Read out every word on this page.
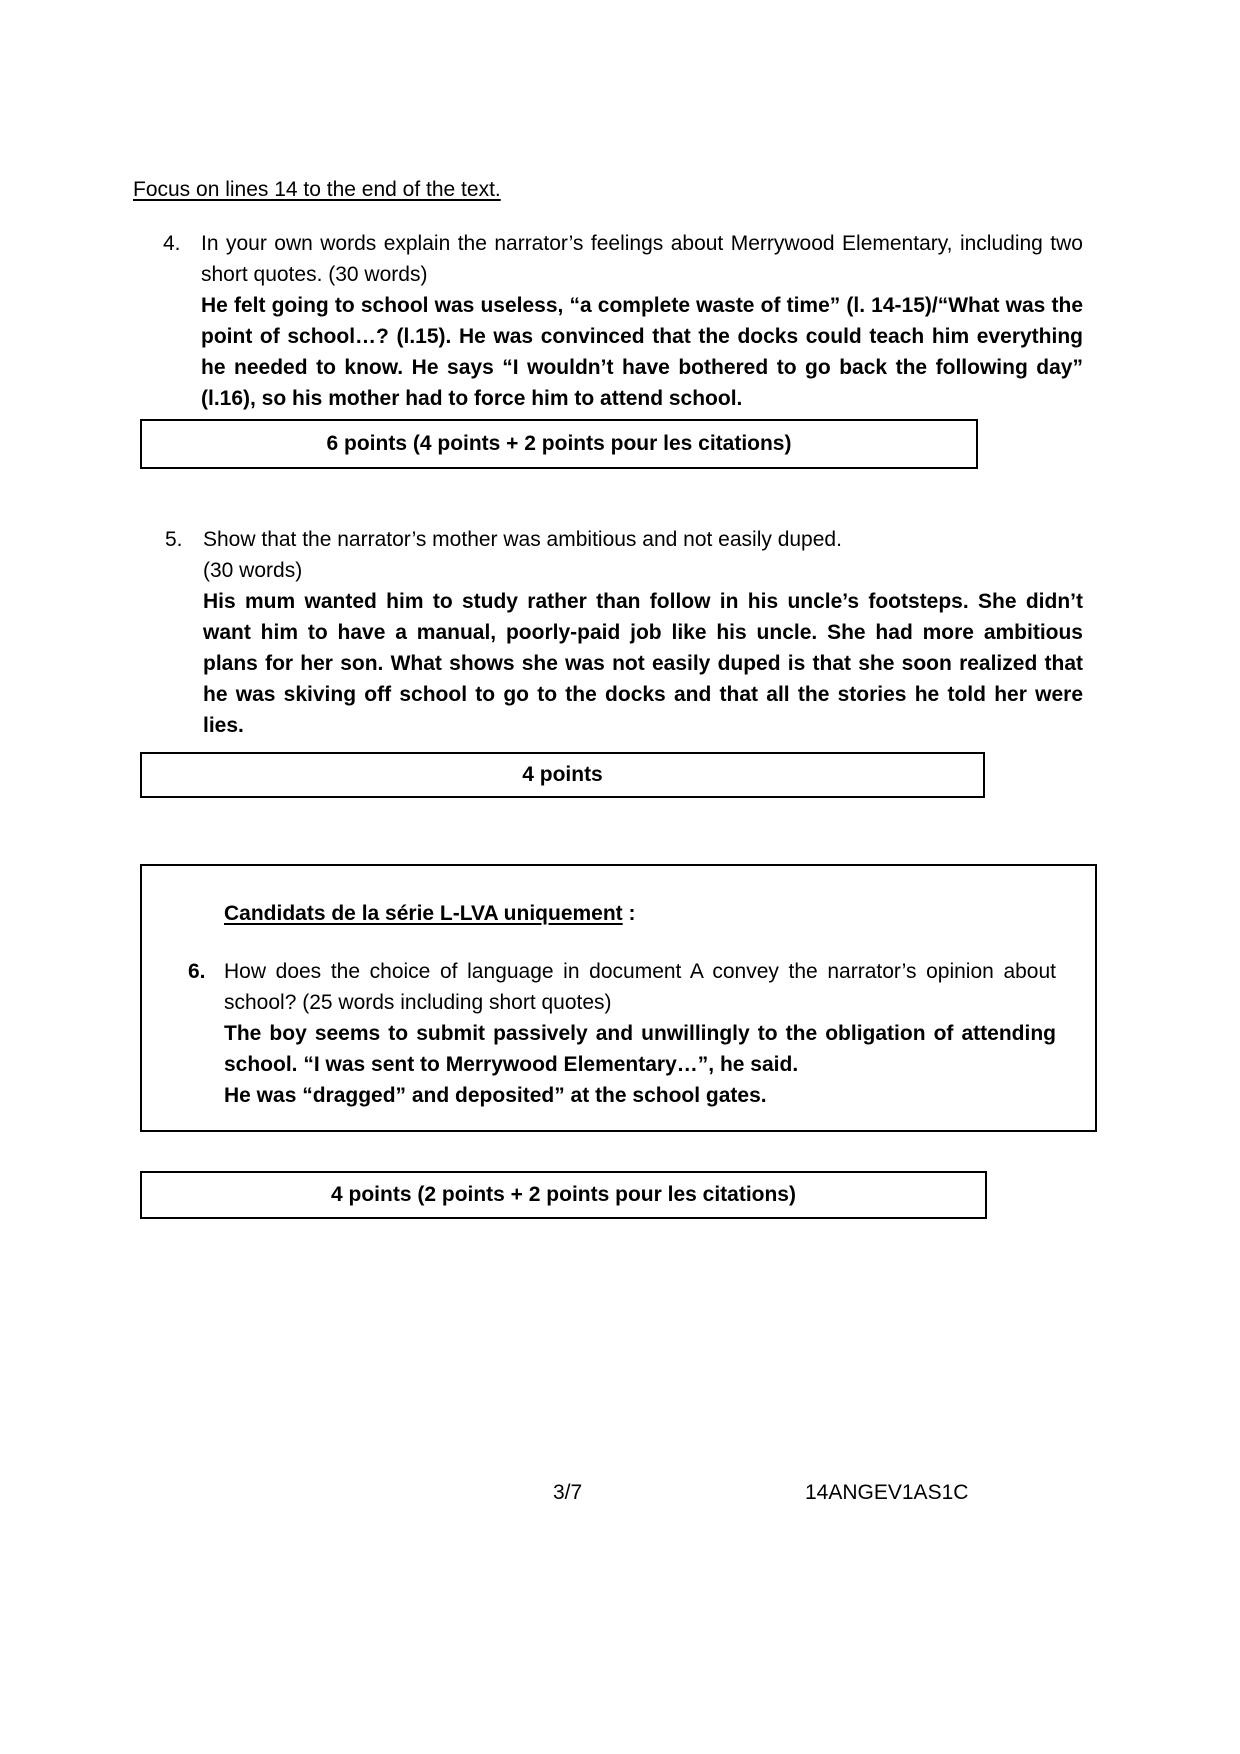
Focus on lines 14 to the end of the text.
4. In your own words explain the narrator’s feelings about Merrywood Elementary, including two short quotes. (30 words)
He felt going to school was useless, “a complete waste of time” (l. 14-15)/“What was the point of school…? (l.15). He was convinced that the docks could teach him everything he needed to know. He says “I wouldn’t have bothered to go back the following day” (l.16), so his mother had to force him to attend school.
6 points (4 points + 2 points pour les citations)
5. Show that the narrator’s mother was ambitious and not easily duped.
(30 words)
His mum wanted him to study rather than follow in his uncle’s footsteps. She didn’t want him to have a manual, poorly-paid job like his uncle. She had more ambitious plans for her son. What shows she was not easily duped is that she soon realized that he was skiving off school to go to the docks and that all the stories he told her were lies.
4 points
Candidats de la série L-LVA uniquement :
6. How does the choice of language in document A convey the narrator’s opinion about school? (25 words including short quotes)
The boy seems to submit passively and unwillingly to the obligation of attending school. “I was sent to Merrywood Elementary…”, he said.
He was “dragged” and deposited” at the school gates.
4 points (2 points + 2 points pour les citations)
3/7	14ANGEV1AS1C
